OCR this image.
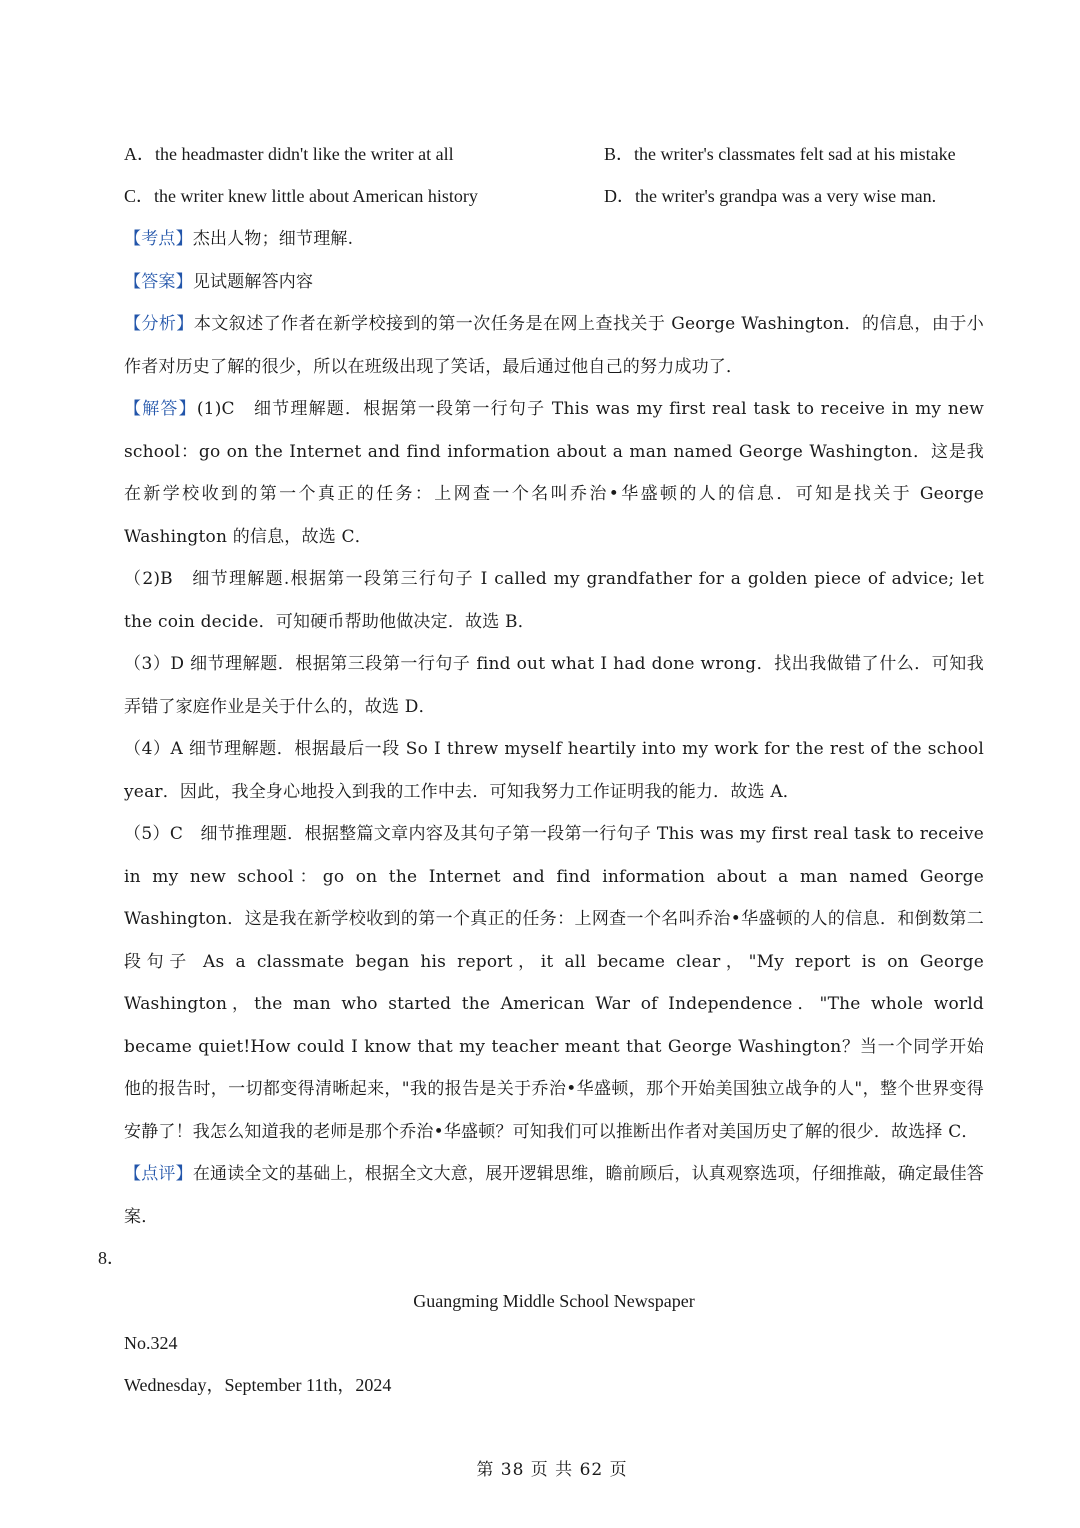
A．the headmaster didn't like the writer at all	B．the writer's classmates felt sad at his mistake
C．the writer knew little about American history	D．the writer's grandpa was a very wise man.

【考点】杰出人物；细节理解.

【答案】见试题解答内容

【分析】本文叙述了作者在新学校接到的第一次任务是在网上查找关于 George Washington．的信息，由于小作者对历史了解的很少，所以在班级出现了笑话，最后通过他自己的努力成功了．

【解答】(1)C　细节理解题．根据第一段第一行句子 This was my first real task to receive in my new school：go on the Internet and find information about a man named George Washington．这是我在新学校收到的第一个真正的任务：上网查一个名叫乔治•华盛顿的人的信息．可知是找关于 George Washington 的信息，故选 C．

（2)B　细节理解题.根据第一段第三行句子 I called my grandfather for a golden piece of advice; let the coin decide．可知硬币帮助他做决定．故选 B．

（3）D 细节理解题．根据第三段第一行句子 find out what I had done wrong．找出我做错了什么．可知我弄错了家庭作业是关于什么的，故选 D．

（4）A 细节理解题．根据最后一段 So I threw myself heartily into my work for the rest of the school year．因此，我全身心地投入到我的工作中去．可知我努力工作证明我的能力．故选 A．

（5）C　细节推理题．根据整篇文章内容及其句子第一段第一行句子 This was my first real task to receive in my new school：go on the Internet and find information about a man named George Washington．这是我在新学校收到的第一个真正的任务：上网查一个名叫乔治•华盛顿的人的信息．和倒数第二段句子 As a classmate began his report，it all became clear，"My report is on George Washington，the man who started the American War of Independence．"The whole world became quiet!How could I know that my teacher meant that George Washington？当一个同学开始他的报告时，一切都变得清晰起来，"我的报告是关于乔治•华盛顿，那个开始美国独立战争的人"，整个世界变得安静了！我怎么知道我的老师是那个乔治•华盛顿？可知我们可以推断出作者对美国历史了解的很少．故选择 C．

【点评】在通读全文的基础上，根据全文大意，展开逻辑思维，瞻前顾后，认真观察选项，仔细推敲，确定最佳答案．

8．
Guangming Middle School Newspaper
No.324
Wednesday，September 11th，2024
第 38 页 共 62 页
